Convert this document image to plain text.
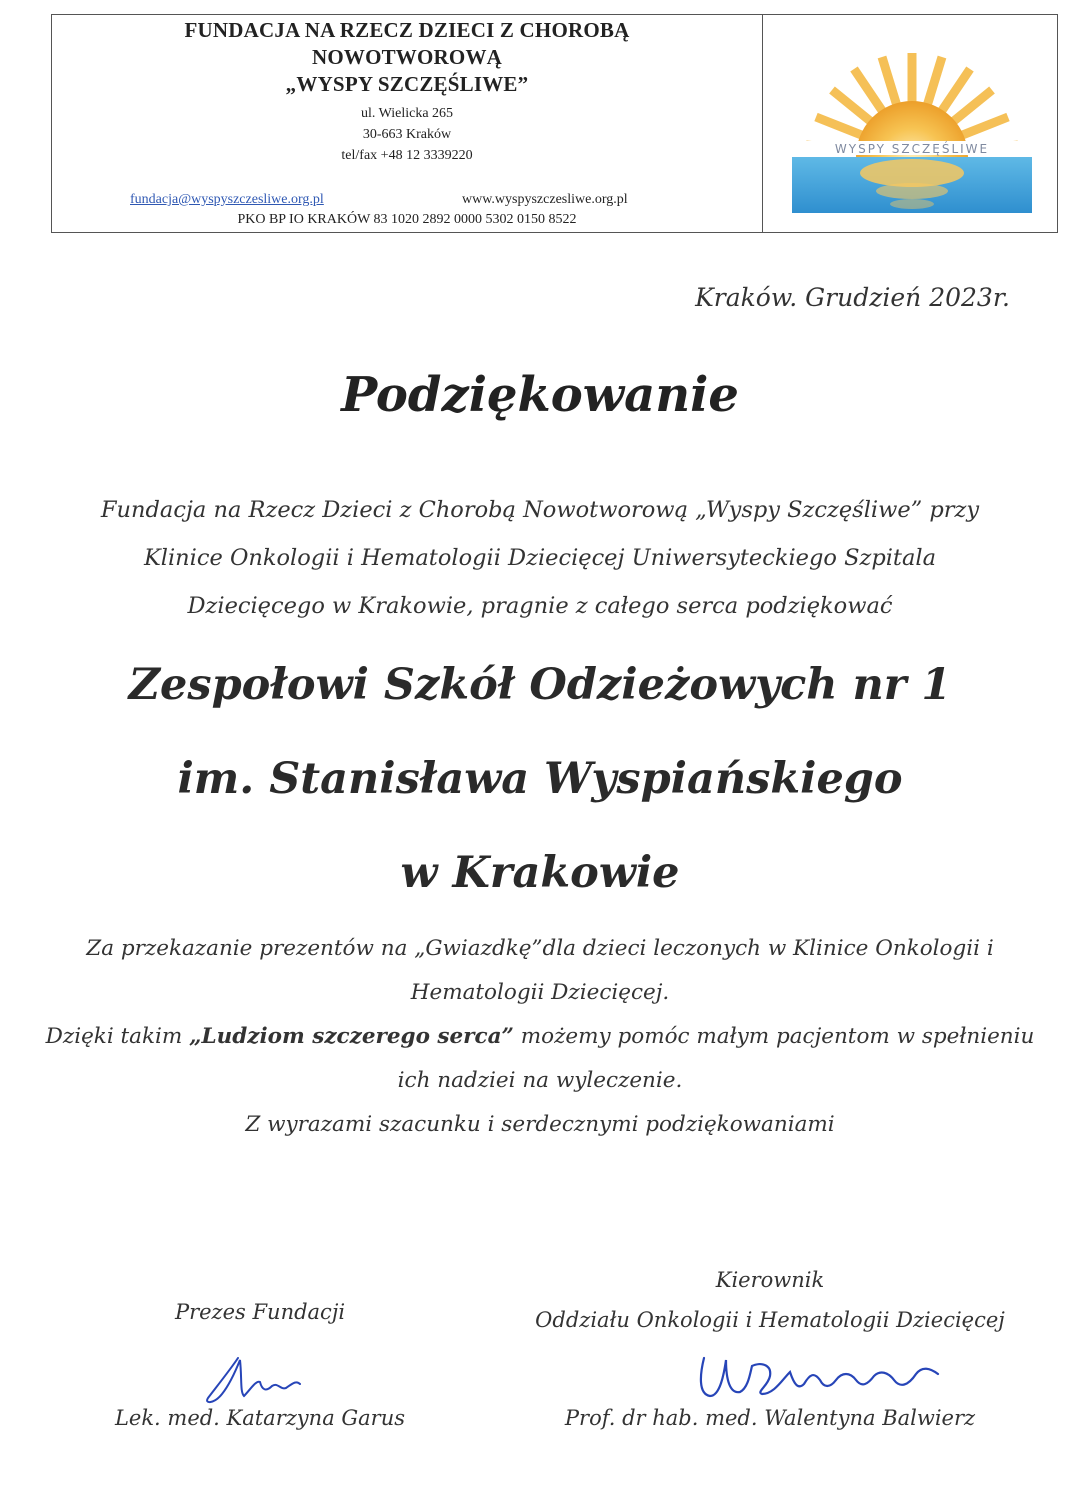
FUNDACJA NA RZECZ DZIECI Z CHOROBĄ
NOWOTWOROWĄ
„WYSPY SZCZĘŚLIWE”
ul. Wielicka 265
30-663 Kraków
tel/fax +48 12 3339220
fundacja@wyspyszczesliwe.org.pl	www.wyspyszczesliwe.org.pl
PKO BP IO KRAKÓW 83 1020 2892 0000 5302 0150 8522
WYSPY SZCZĘŚLIWE
Kraków. Grudzień 2023r.
Podziękowanie
Fundacja na Rzecz Dzieci z Chorobą Nowotworową „Wyspy Szczęśliwe” przy
Klinice Onkologii i Hematologii Dziecięcej Uniwersyteckiego Szpitala
Dziecięcego w Krakowie, pragnie z całego serca podziękować
Zespołowi Szkół Odzieżowych nr 1
im. Stanisława Wyspiańskiego
w Krakowie
Za przekazanie prezentów na „Gwiazdkę”dla dzieci leczonych w Klinice Onkologii i
Hematologii Dziecięcej.
Dzięki takim „Ludziom szczerego serca” możemy pomóc małym pacjentom w spełnieniu
ich nadziei na wyleczenie.
Z wyrazami szacunku i serdecznymi podziękowaniami
Prezes Fundacji
Lek. med. Katarzyna Garus
Kierownik
Oddziału Onkologii i Hematologii Dziecięcej
Prof. dr hab. med. Walentyna Balwierz
